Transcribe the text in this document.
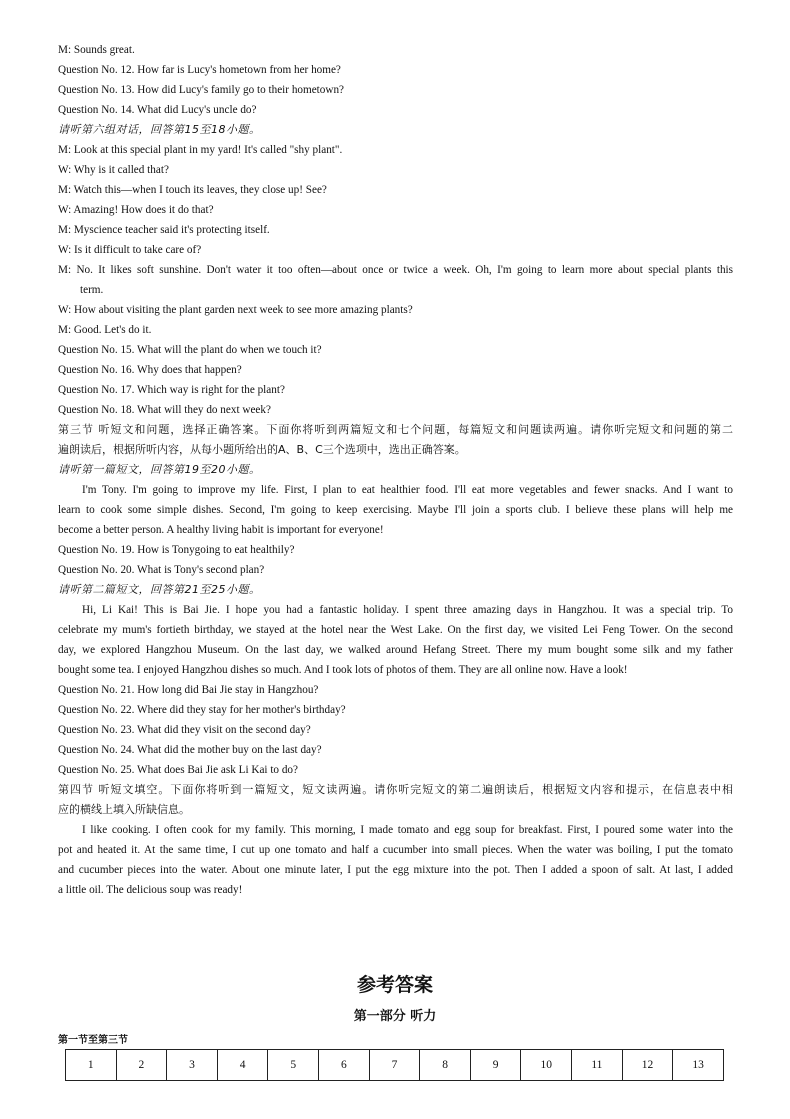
M: Sounds great.
Question No. 12. How far is Lucy's hometown from her home?
Question No. 13. How did Lucy's family go to their hometown?
Question No. 14. What did Lucy's uncle do?
请听第六组对话，回答第15至18小题。
M: Look at this special plant in my yard! It's called "shy plant".
W: Why is it called that?
M: Watch this—when I touch its leaves, they close up! See?
W: Amazing! How does it do that?
M: Myscience teacher said it's protecting itself.
W: Is it difficult to take care of?
M: No. It likes soft sunshine. Don't water it too often—about once or twice a week. Oh, I'm going to learn more about special plants this
term.
W: How about visiting the plant garden next week to see more amazing plants?
M: Good. Let's do it.
Question No. 15. What will the plant do when we touch it?
Question No. 16. Why does that happen?
Question No. 17. Which way is right for the plant?
Question No. 18. What will they do next week?
第三节 听短文和问题，选择正确答案。下面你将听到两篇短文和七个问题，每篇短文和问题读两遍。请你听完短文和问题的第二
遍朗读后，根据所听内容，从每小题所给出的A、B、C三个选项中，选出正确答案。
请听第一篇短文，回答第19至20小题。
I'm Tony. I'm going to improve my life. First, I plan to eat healthier food. I'll eat more vegetables and fewer snacks. And I want to
learn to cook some simple dishes. Second, I'm going to keep exercising. Maybe I'll join a sports club. I believe these plans will help me
become a better person. A healthy living habit is important for everyone!
Question No. 19. How is Tonygoing to eat healthily?
Question No. 20. What is Tony's second plan?
请听第二篇短文，回答第21至25小题。
Hi, Li Kai! This is Bai Jie. I hope you had a fantastic holiday. I spent three amazing days in Hangzhou. It was a special trip. To
celebrate my mum's fortieth birthday, we stayed at the hotel near the West Lake. On the first day, we visited Lei Feng Tower. On the second
day, we explored Hangzhou Museum. On the last day, we walked around Hefang Street. There my mum bought some silk and my father
bought some tea. I enjoyed Hangzhou dishes so much. And I took lots of photos of them. They are all online now. Have a look!
Question No. 21. How long did Bai Jie stay in Hangzhou?
Question No. 22. Where did they stay for her mother's birthday?
Question No. 23. What did they visit on the second day?
Question No. 24. What did the mother buy on the last day?
Question No. 25. What does Bai Jie ask Li Kai to do?
第四节 听短文填空。下面你将听到一篇短文，短文读两遍。请你听完短文的第二遍朗读后，根据短文内容和提示，在信息表中相
应的横线上填入所缺信息。
I like cooking. I often cook for my family. This morning, I made tomato and egg soup for breakfast. First, I poured some water into the
pot and heated it. At the same time, I cut up one tomato and half a cucumber into small pieces. When the water was boiling, I put the tomato
and cucumber pieces into the water. About one minute later, I put the egg mixture into the pot. Then I added a spoon of salt. At last, I added
a little oil. The delicious soup was ready!
参考答案
第一部分 听力
第一节至第三节
1	2	3	4	5	6	7	8	9	10	11	12	13
